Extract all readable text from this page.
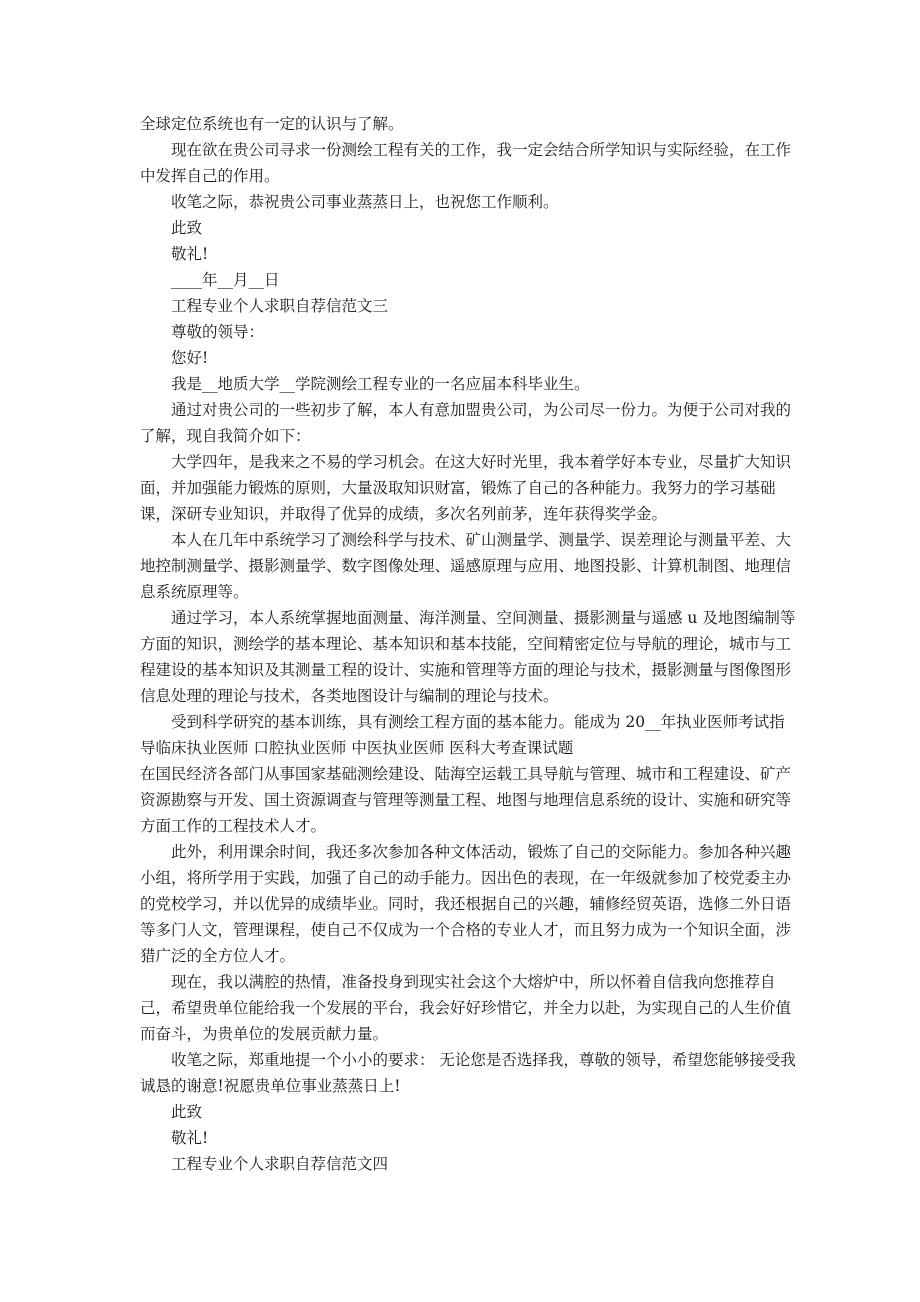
全球定位系统也有一定的认识与了解。

现在欲在贵公司寻求一份测绘工程有关的工作，我一定会结合所学知识与实际经验，在工作中发挥自己的作用。

收笔之际，恭祝贵公司事业蒸蒸日上，也祝您工作顺利。

此致

敬礼!

____年__月__日

工程专业个人求职自荐信范文三

尊敬的领导：

您好!

我是__地质大学__学院测绘工程专业的一名应届本科毕业生。

通过对贵公司的一些初步了解，本人有意加盟贵公司，为公司尽一份力。为便于公司对我的了解，现自我简介如下：

大学四年，是我来之不易的学习机会。在这大好时光里，我本着学好本专业，尽量扩大知识面，并加强能力锻炼的原则，大量汲取知识财富，锻炼了自己的各种能力。我努力的学习基础课，深研专业知识，并取得了优异的成绩，多次名列前茅，连年获得奖学金。

本人在几年中系统学习了测绘科学与技术、矿山测量学、测量学、误差理论与测量平差、大地控制测量学、摄影测量学、数字图像处理、遥感原理与应用、地图投影、计算机制图、地理信息系统原理等。

通过学习，本人系统掌握地面测量、海洋测量、空间测量、摄影测量与遥感 u 及地图编制等方面的知识，测绘学的基本理论、基本知识和基本技能，空间精密定位与导航的理论，城市与工程建设的基本知识及其测量工程的设计、实施和管理等方面的理论与技术，摄影测量与图像图形信息处理的理论与技术，各类地图设计与编制的理论与技术。

受到科学研究的基本训练，具有测绘工程方面的基本能力。能成为 20__年执业医师考试指导临床执业医师 口腔执业医师 中医执业医师 医科大考查课试题

在国民经济各部门从事国家基础测绘建设、陆海空运载工具导航与管理、城市和工程建设、矿产资源勘察与开发、国土资源调查与管理等测量工程、地图与地理信息系统的设计、实施和研究等方面工作的工程技术人才。

此外，利用课余时间，我还多次参加各种文体活动，锻炼了自己的交际能力。参加各种兴趣小组，将所学用于实践，加强了自己的动手能力。因出色的表现，在一年级就参加了校党委主办的党校学习，并以优异的成绩毕业。同时，我还根据自己的兴趣，辅修经贸英语，选修二外日语等多门人文，管理课程，使自己不仅成为一个合格的专业人才，而且努力成为一个知识全面，涉猎广泛的全方位人才。

现在，我以满腔的热情，准备投身到现实社会这个大熔炉中，所以怀着自信我向您推荐自己，希望贵单位能给我一个发展的平台，我会好好珍惜它，并全力以赴，为实现自己的人生价值而奋斗，为贵单位的发展贡献力量。

收笔之际，郑重地提一个小小的要求： 无论您是否选择我，尊敬的领导，希望您能够接受我诚恳的谢意!祝愿贵单位事业蒸蒸日上!

此致

敬礼!

工程专业个人求职自荐信范文四
